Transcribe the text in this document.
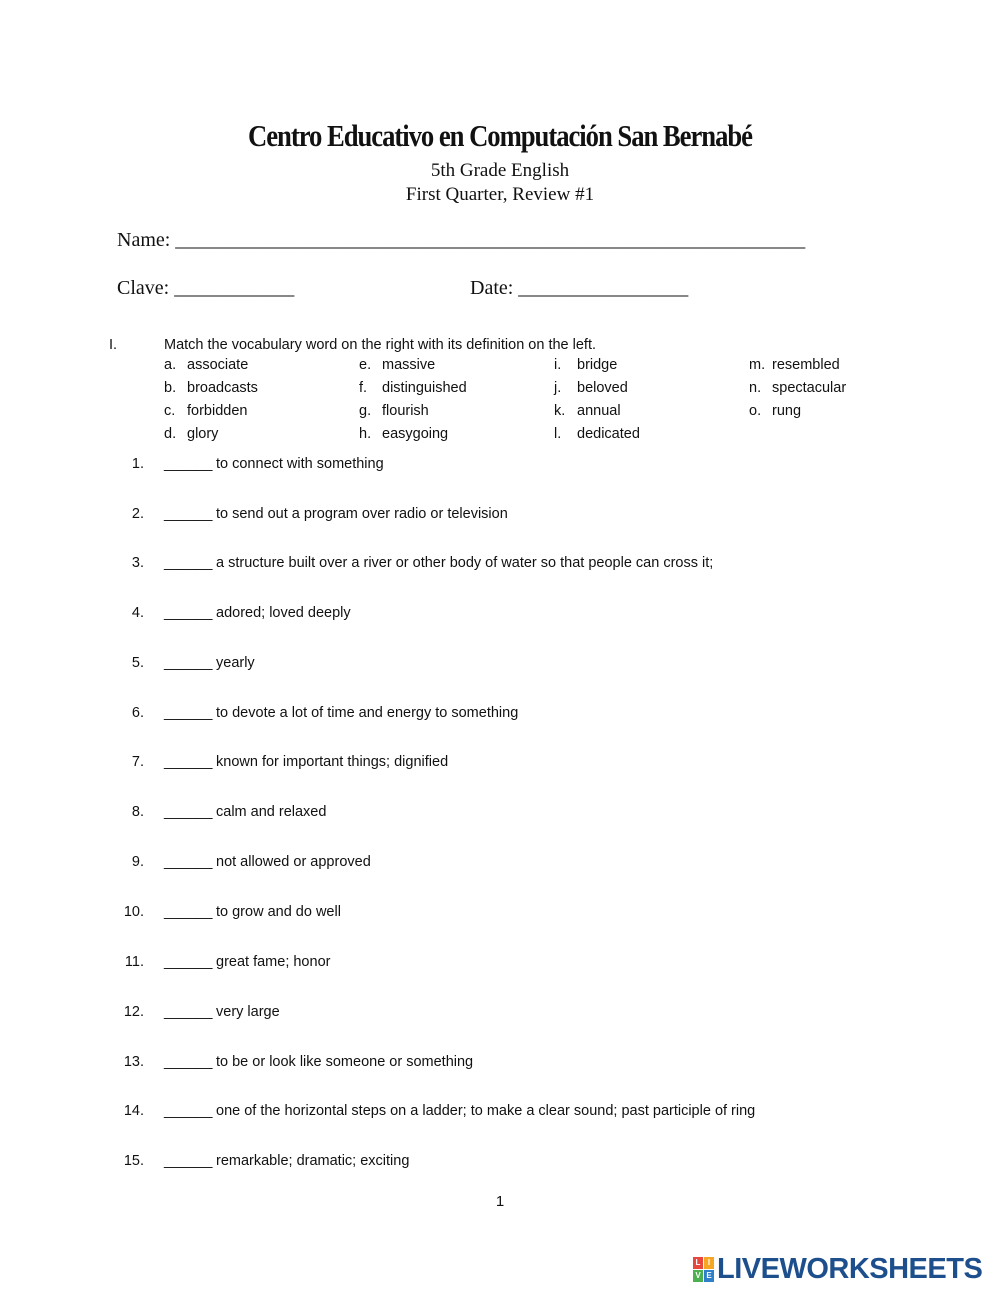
Centro Educativo en Computación San Bernabé
5th Grade English
First Quarter, Review #1
Name: _______________________________________________________________
Clave: ____________	Date: _________________
I.	Match the vocabulary word on the right with its definition on the left.
a. associate
b. broadcasts
c. forbidden
d. glory
e. massive
f. distinguished
g. flourish
h. easygoing
i. bridge
j. beloved
k. annual
l. dedicated
m. resembled
n. spectacular
o. rung
1. ______ to connect with something
2. ______ to send out a program over radio or television
3. ______ a structure built over a river or other body of water so that people can cross it;
4. ______ adored; loved deeply
5. ______ yearly
6. ______ to devote a lot of time and energy to something
7. ______ known for important things; dignified
8. ______ calm and relaxed
9. ______ not allowed or approved
10. ______ to grow and do well
11. ______ great fame; honor
12. ______ very large
13. ______ to be or look like someone or something
14. ______ one of the horizontal steps on a ladder; to make a clear sound; past participle of ring
15. ______ remarkable; dramatic; exciting
1
L I
V E LIVEWORKSHEETS
